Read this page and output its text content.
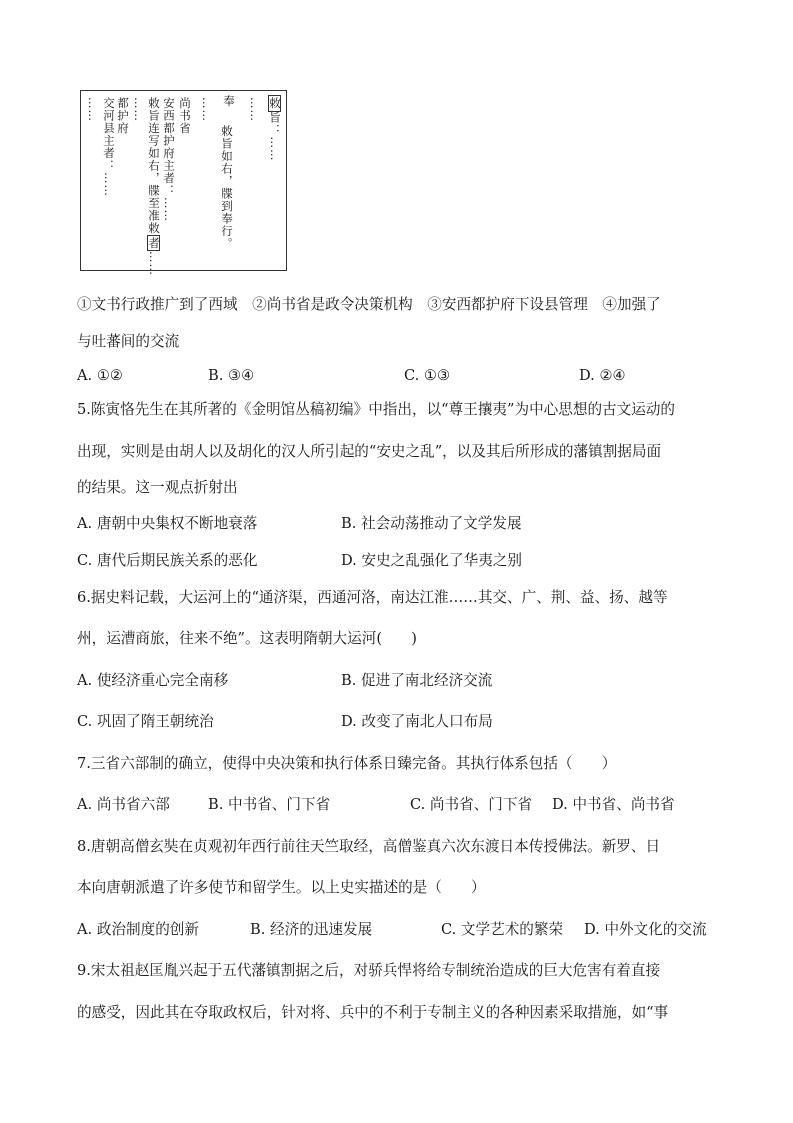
敕旨：……
……
奉
敕旨如右，牒到奉行。
……
尚书省
安西都护府主者：……
敕旨连写如右，牒至准敕者……
……
都护府
交河县主者：……
……
①文书行政推广到了西域　②尚书省是政令决策机构　③安西都护府下设县管理　④加强了
与吐蕃间的交流
A. ①②	B. ③④	C. ①③	D. ②④
5.陈寅恪先生在其所著的《金明馆丛稿初编》中指出，以“尊王攘夷”为中心思想的古文运动的
出现，实则是由胡人以及胡化的汉人所引起的“安史之乱”，以及其后所形成的藩镇割据局面
的结果。这一观点折射出
A. 唐朝中央集权不断地衰落	B. 社会动荡推动了文学发展
C. 唐代后期民族关系的恶化	D. 安史之乱强化了华夷之别
6.据史料记载，大运河上的“通济渠，西通河洛，南达江淮……其交、广、荆、益、扬、越等
州，运漕商旅，往来不绝”。这表明隋朝大运河(　　)
A. 使经济重心完全南移	B. 促进了南北经济交流
C. 巩固了隋王朝统治	D. 改变了南北人口布局
7.三省六部制的确立，使得中央决策和执行体系日臻完备。其执行体系包括（　　）
A. 尚书省六部	B. 中书省、门下省	C. 尚书省、门下省 D. 中书省、尚书省
8.唐朝高僧玄奘在贞观初年西行前往天竺取经，高僧鉴真六次东渡日本传授佛法。新罗、日
本向唐朝派遣了许多使节和留学生。以上史实描述的是（　　）
A. 政治制度的创新	B. 经济的迅速发展	C. 文学艺术的繁荣 D. 中外文化的交流
9.宋太祖赵匡胤兴起于五代藩镇割据之后，对骄兵悍将给专制统治造成的巨大危害有着直接
的感受，因此其在夺取政权后，针对将、兵中的不利于专制主义的各种因素采取措施，如“事
